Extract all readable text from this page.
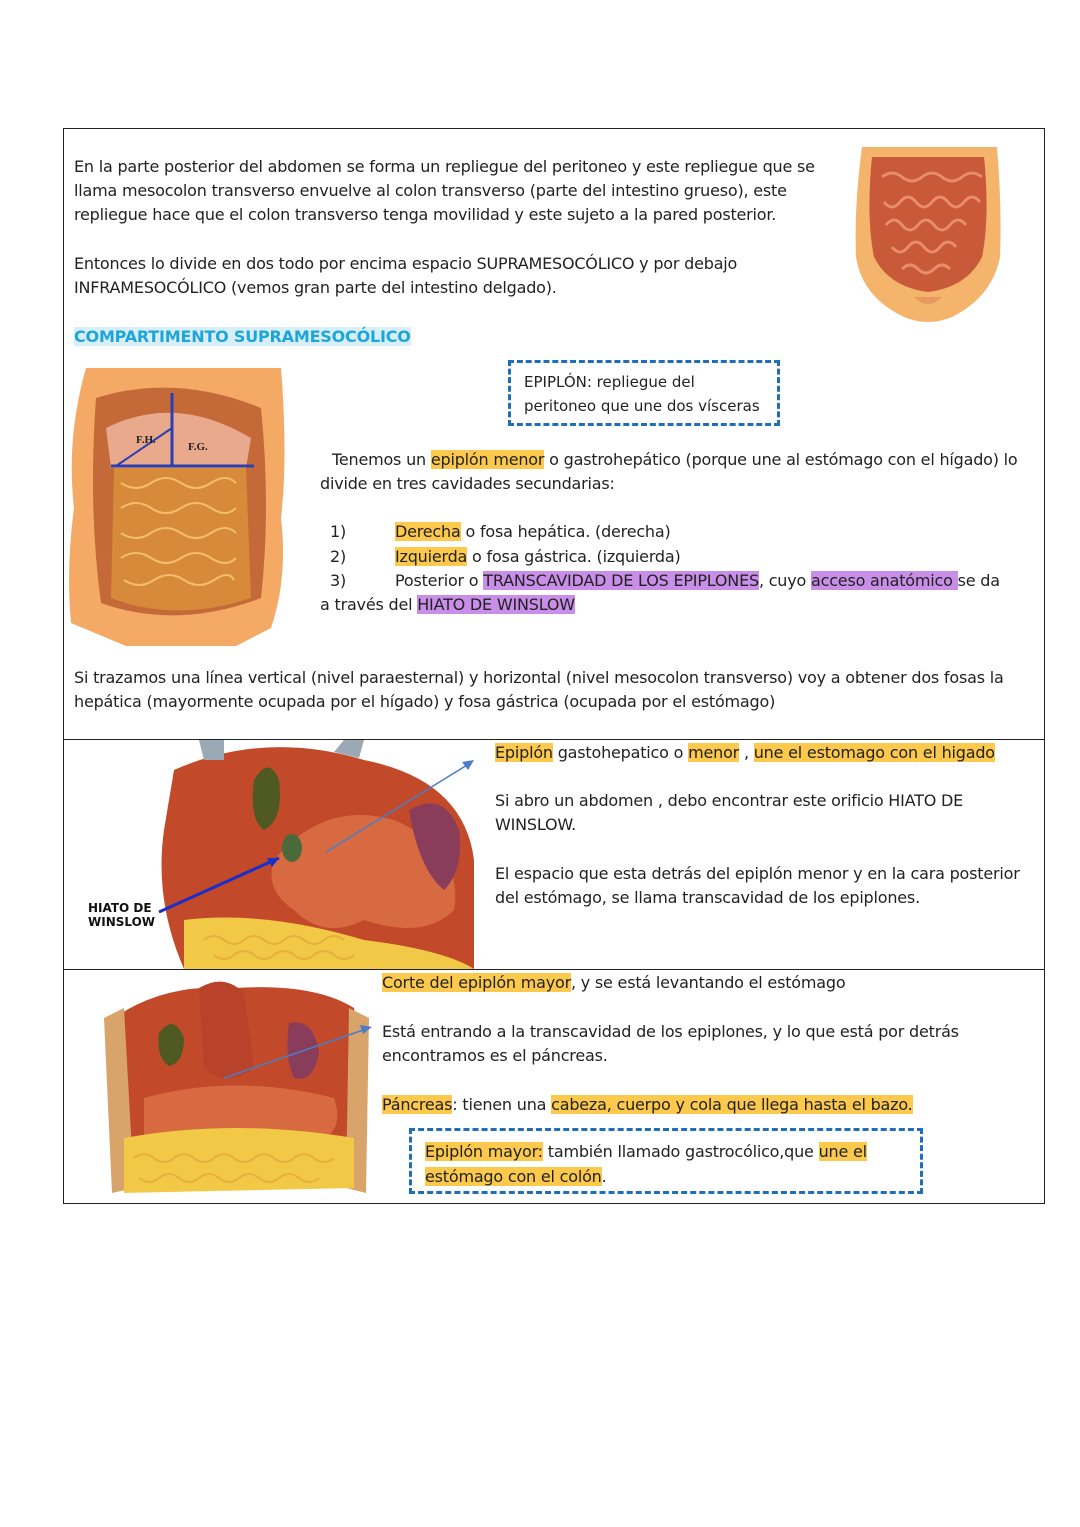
En la parte posterior del abdomen se forma un repliegue del peritoneo y este repliegue que se llama mesocolon transverso envuelve al colon transverso (parte del intestino grueso), este repliegue hace que el colon transverso tenga movilidad y este sujeto a la pared posterior.
Entonces lo divide en dos todo por encima espacio SUPRAMESOCÓLICO y por debajo INFRAMESOCÓLICO (vemos gran parte del intestino delgado).
COMPARTIMENTO SUPRAMESOCÓLICO
F.H.
F.G.
EPIPLÓN: repliegue del peritoneo que une dos vísceras
Tenemos un epiplón menor o gastrohepático (porque une al estómago con el hígado) lo divide en tres cavidades secundarias:
1)	Derecha o fosa hepática. (derecha)
2)	Izquierda o fosa gástrica. (izquierda)
3)	Posterior o TRANSCAVIDAD DE LOS EPIPLONES, cuyo acceso anatómico se da
a través del HIATO DE WINSLOW
Si trazamos una línea vertical (nivel paraesternal) y horizontal (nivel mesocolon transverso) voy a obtener dos fosas la hepática (mayormente ocupada por el hígado) y fosa gástrica (ocupada por el estómago)
HIATO DE
WINSLOW
Epiplón gastohepatico o menor , une el estomago con el higado
Si abro un abdomen , debo encontrar este orificio HIATO DE WINSLOW.
El espacio que esta detrás del epiplón menor y en la cara posterior del estómago, se llama transcavidad de los epiplones.
Corte del epiplón mayor, y se está levantando el estómago
Está entrando a la transcavidad de los epiplones, y lo que está por detrás encontramos es el páncreas.
Páncreas: tienen una cabeza, cuerpo y cola que llega hasta el bazo.
Epiplón mayor: también llamado gastrocólico,que une el
estómago con el colón.
